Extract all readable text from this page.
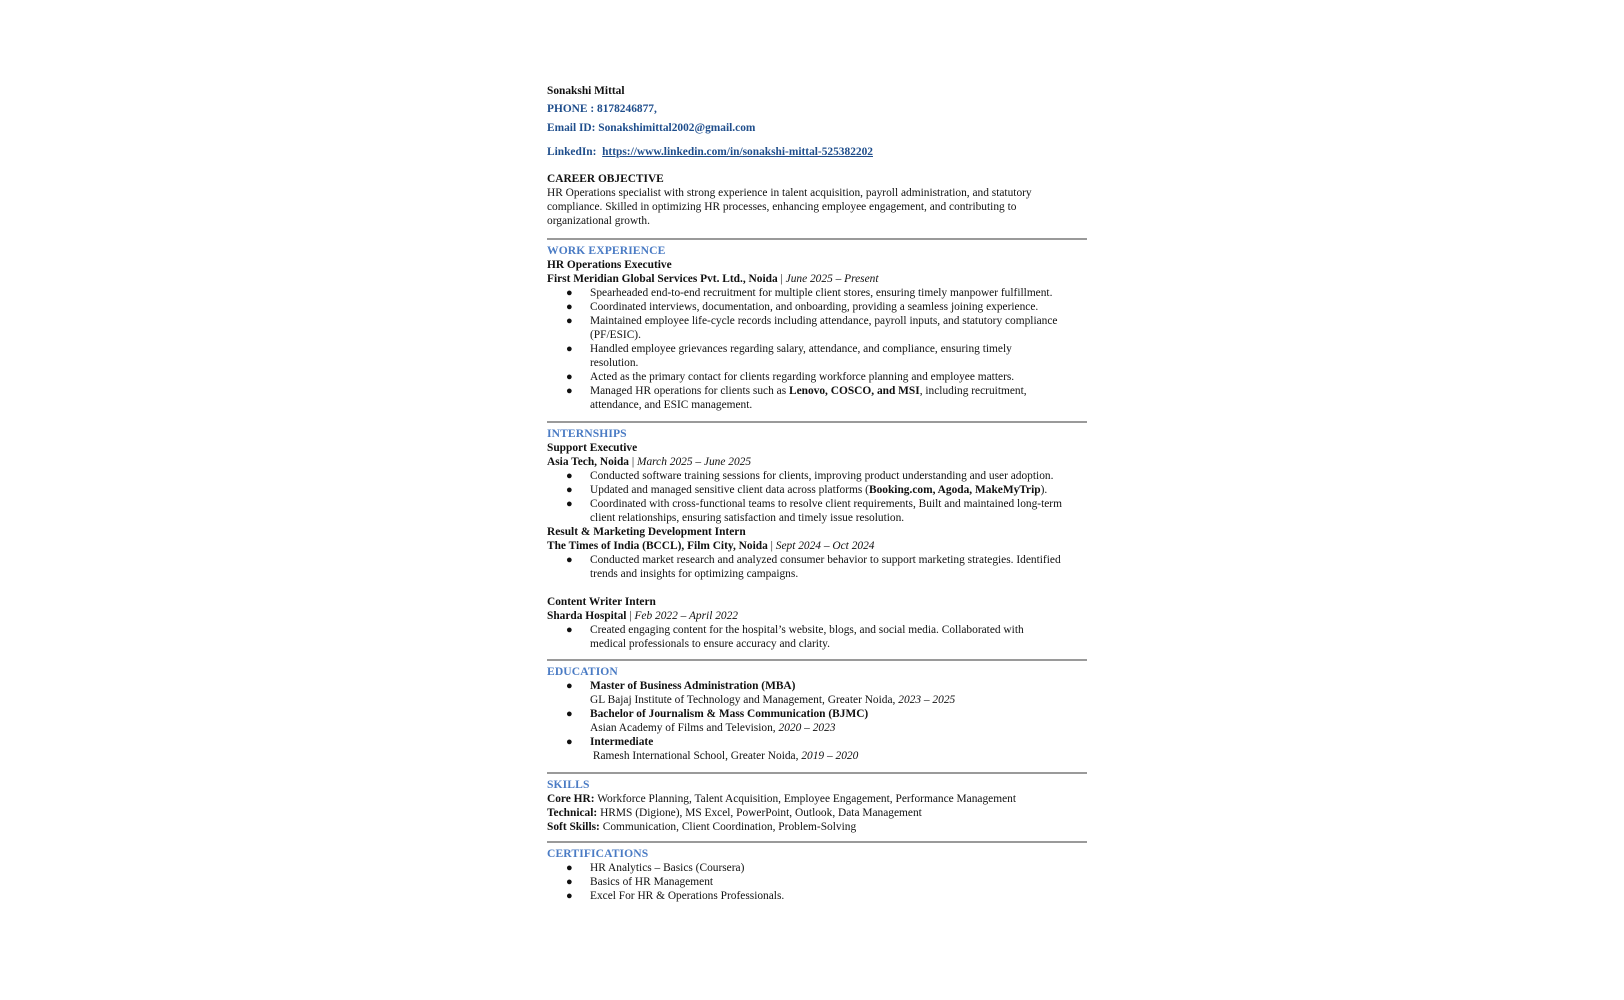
Sonakshi Mittal
PHONE : 8178246877,
Email ID: Sonakshimittal2002@gmail.com
LinkedIn: https://www.linkedin.com/in/sonakshi-mittal-525382202
CAREER OBJECTIVE
HR Operations specialist with strong experience in talent acquisition, payroll administration, and statutory compliance. Skilled in optimizing HR processes, enhancing employee engagement, and contributing to organizational growth.
WORK EXPERIENCE
HR Operations Executive
First Meridian Global Services Pvt. Ltd., Noida | June 2025 – Present
● Spearheaded end-to-end recruitment for multiple client stores, ensuring timely manpower fulfillment.
● Coordinated interviews, documentation, and onboarding, providing a seamless joining experience.
● Maintained employee life-cycle records including attendance, payroll inputs, and statutory compliance (PF/ESIC).
● Handled employee grievances regarding salary, attendance, and compliance, ensuring timely resolution.
● Acted as the primary contact for clients regarding workforce planning and employee matters.
● Managed HR operations for clients such as Lenovo, COSCO, and MSI, including recruitment, attendance, and ESIC management.
INTERNSHIPS
Support Executive
Asia Tech, Noida | March 2025 – June 2025
● Conducted software training sessions for clients, improving product understanding and user adoption.
● Updated and managed sensitive client data across platforms (Booking.com, Agoda, MakeMyTrip).
● Coordinated with cross-functional teams to resolve client requirements, Built and maintained long-term client relationships, ensuring satisfaction and timely issue resolution.
Result & Marketing Development Intern
The Times of India (BCCL), Film City, Noida | Sept 2024 – Oct 2024
● Conducted market research and analyzed consumer behavior to support marketing strategies. Identified trends and insights for optimizing campaigns.
Content Writer Intern
Sharda Hospital | Feb 2022 – April 2022
● Created engaging content for the hospital’s website, blogs, and social media. Collaborated with medical professionals to ensure accuracy and clarity.
EDUCATION
● Master of Business Administration (MBA)
GL Bajaj Institute of Technology and Management, Greater Noida, 2023 – 2025
● Bachelor of Journalism & Mass Communication (BJMC)
Asian Academy of Films and Television, 2020 – 2023
● Intermediate
Ramesh International School, Greater Noida, 2019 – 2020
SKILLS
Core HR: Workforce Planning, Talent Acquisition, Employee Engagement, Performance Management
Technical: HRMS (Digione), MS Excel, PowerPoint, Outlook, Data Management
Soft Skills: Communication, Client Coordination, Problem-Solving
CERTIFICATIONS
● HR Analytics – Basics (Coursera)
● Basics of HR Management
● Excel For HR & Operations Professionals.
